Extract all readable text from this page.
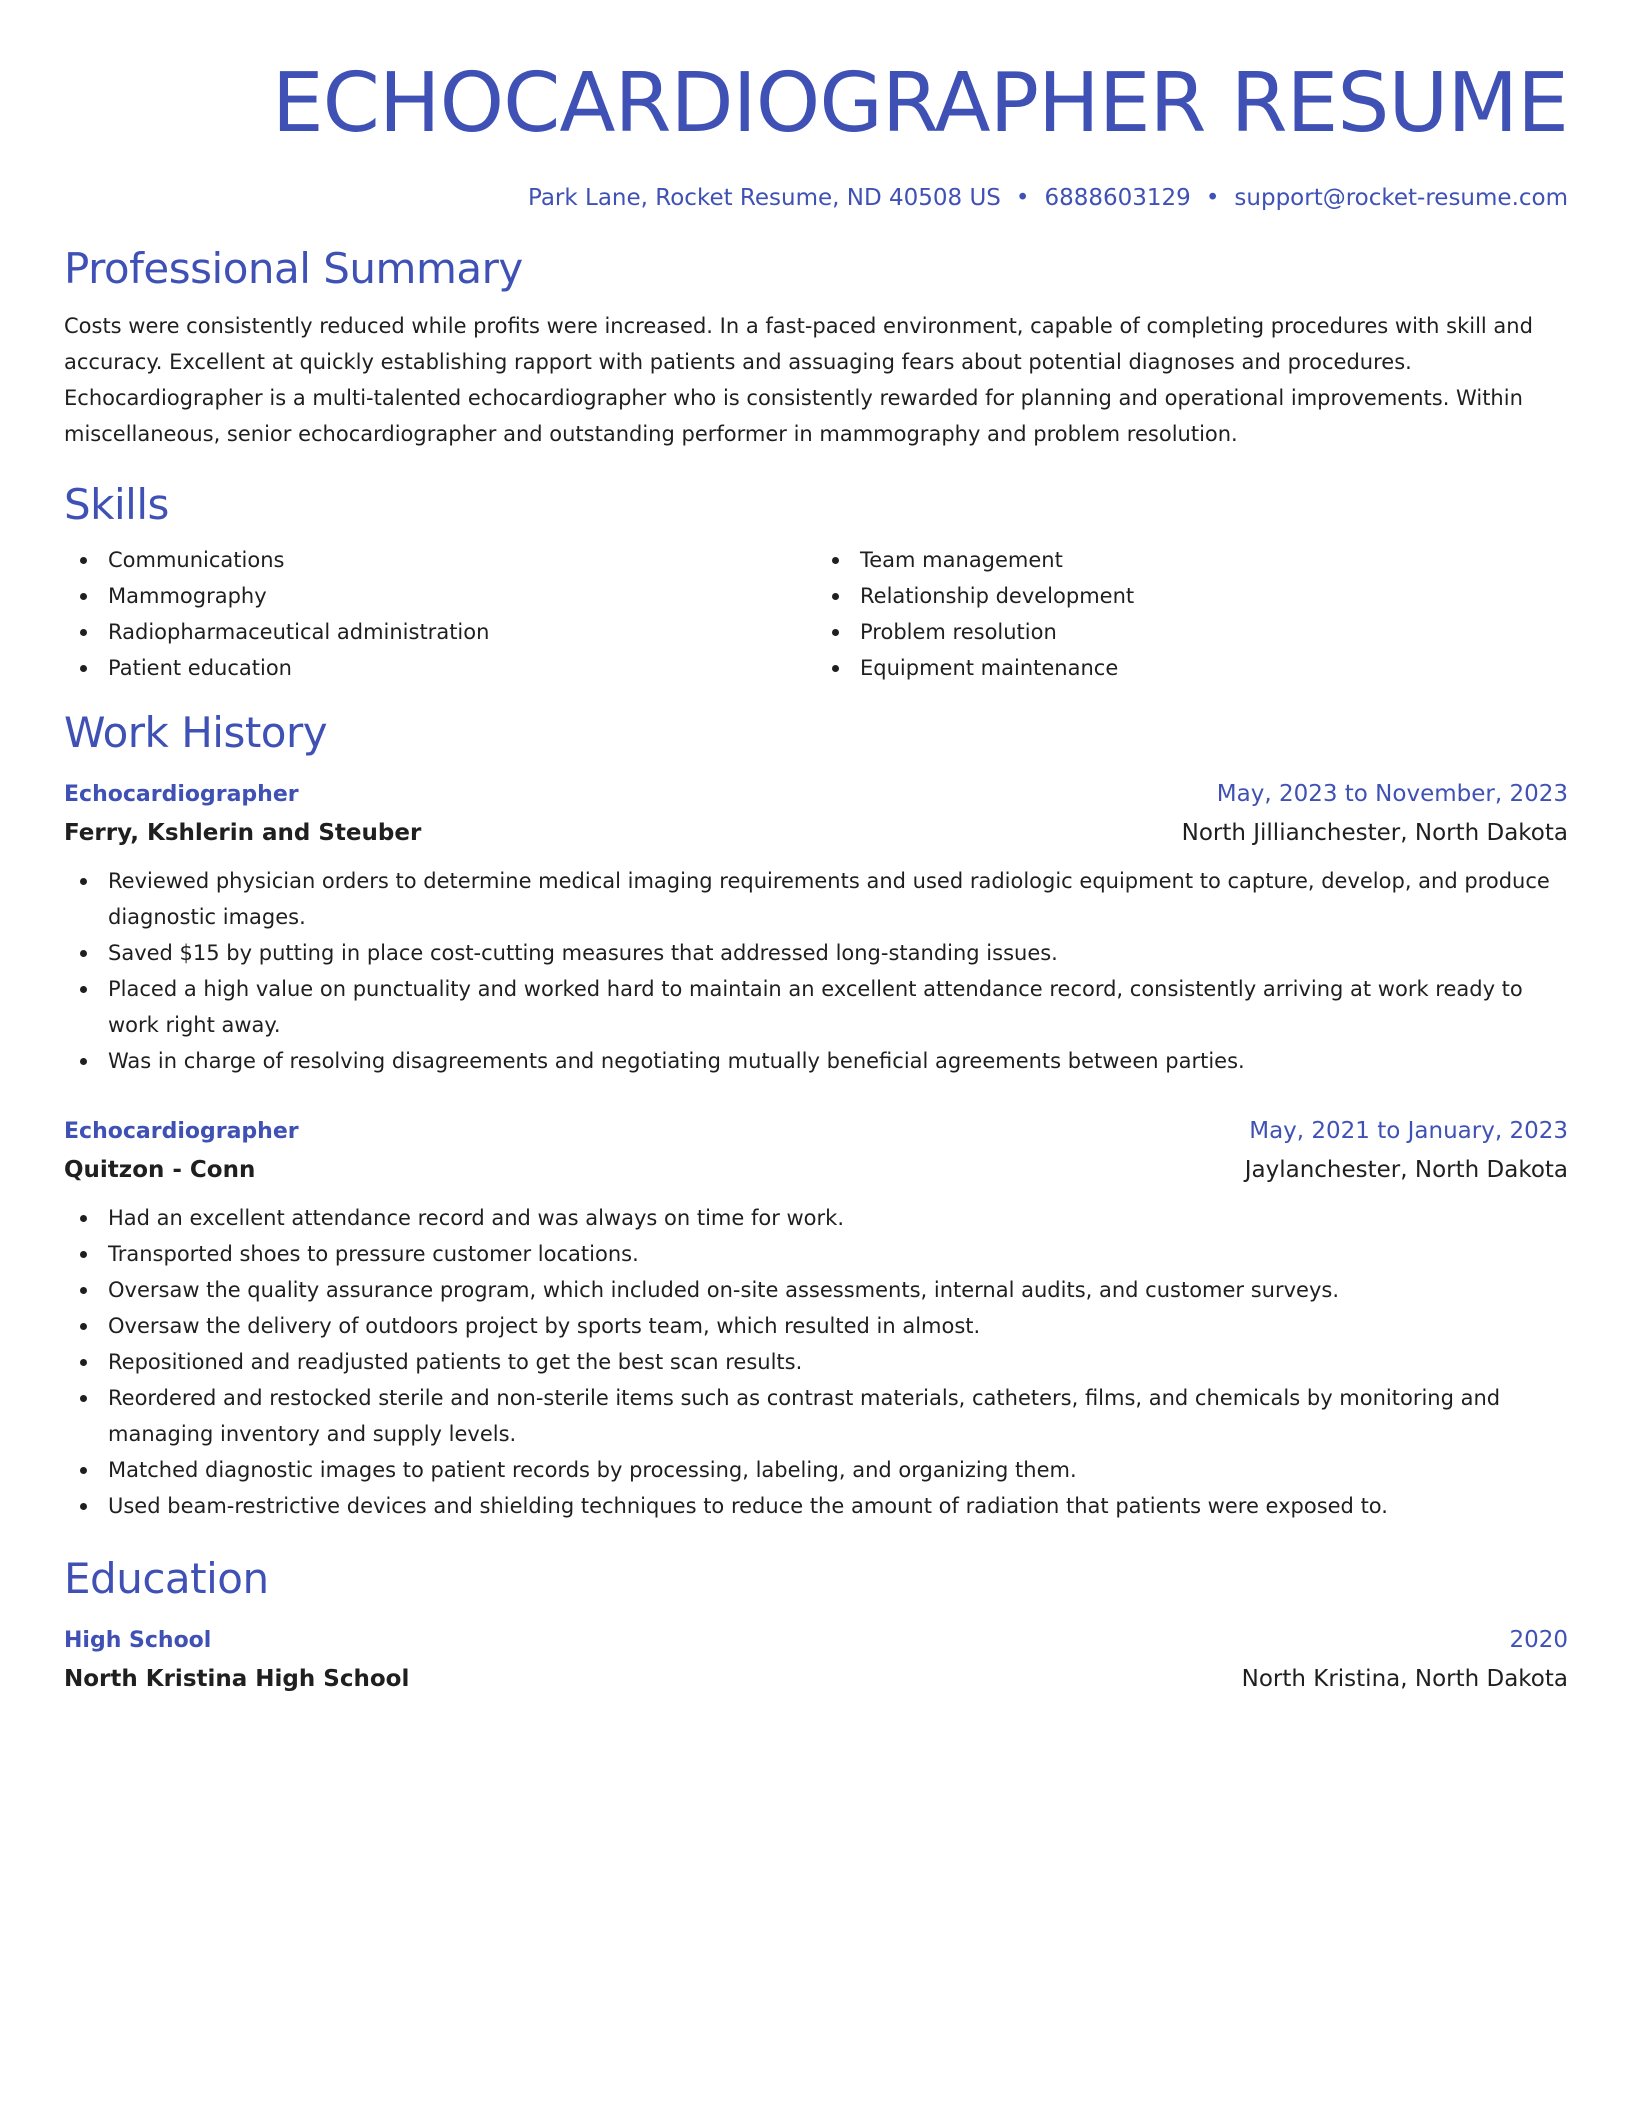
ECHOCARDIOGRAPHER RESUME
Park Lane, Rocket Resume, ND 40508 US • 6888603129 • support@rocket-resume.com
Professional Summary

Costs were consistently reduced while profits were increased. In a fast-paced environment, capable of completing procedures with skill and accuracy. Excellent at quickly establishing rapport with patients and assuaging fears about potential diagnoses and procedures. Echocardiographer is a multi-talented echocardiographer who is consistently rewarded for planning and operational improvements. Within miscellaneous, senior echocardiographer and outstanding performer in mammography and problem resolution.

Skills
Communications
Mammography
Radiopharmaceutical administration
Patient education
Team management
Relationship development
Problem resolution
Equipment maintenance
Work History
Echocardiographer	May, 2023 to November, 2023
Ferry, Kshlerin and Steuber	North Jillianchester, North Dakota
Reviewed physician orders to determine medical imaging requirements and used radiologic equipment to capture, develop, and produce diagnostic images.
Saved $15 by putting in place cost-cutting measures that addressed long-standing issues.
Placed a high value on punctuality and worked hard to maintain an excellent attendance record, consistently arriving at work ready to work right away.
Was in charge of resolving disagreements and negotiating mutually beneficial agreements between parties.
Echocardiographer	May, 2021 to January, 2023
Quitzon - Conn	Jaylanchester, North Dakota
Had an excellent attendance record and was always on time for work.
Transported shoes to pressure customer locations.
Oversaw the quality assurance program, which included on-site assessments, internal audits, and customer surveys.
Oversaw the delivery of outdoors project by sports team, which resulted in almost.
Repositioned and readjusted patients to get the best scan results.
Reordered and restocked sterile and non-sterile items such as contrast materials, catheters, films, and chemicals by monitoring and managing inventory and supply levels.
Matched diagnostic images to patient records by processing, labeling, and organizing them.
Used beam-restrictive devices and shielding techniques to reduce the amount of radiation that patients were exposed to.
Education
High School	2020
North Kristina High School	North Kristina, North Dakota
